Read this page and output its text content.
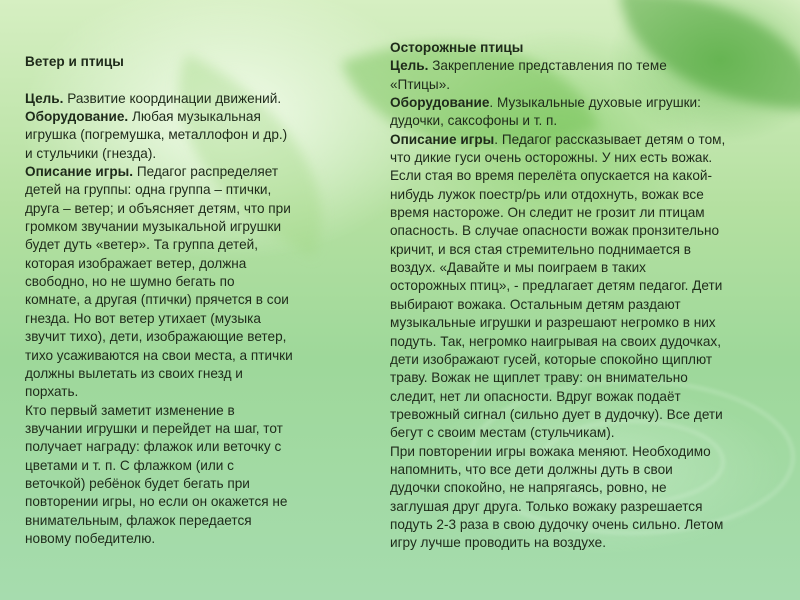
Ветер и птицы
Цель. Развитие координации движений.
Оборудование. Любая музыкальная
игрушка (погремушка, металлофон и др.)
и стульчики (гнезда).
Описание игры. Педагог распределяет
детей на группы: одна группа – птички,
друга – ветер; и объясняет детям, что при
громком звучании музыкальной игрушки
будет дуть «ветер». Та группа детей,
которая изображает ветер, должна
свободно, но не шумно бегать по
комнате, а другая (птички) прячется в сои
гнезда. Но вот ветер утихает (музыка
звучит тихо), дети, изображающие ветер,
тихо усаживаются на свои места, а птички
должны вылетать из своих гнезд и
порхать.
Кто первый заметит изменение в
звучании игрушки и перейдет на шаг, тот
получает награду: флажок или веточку с
цветами и т. п. С флажком (или с
веточкой) ребёнок будет бегать при
повторении игры, но если он окажется не
внимательным, флажок передается
новому победителю.
Осторожные птицы
Цель. Закрепление представления по теме
«Птицы».
Оборудование. Музыкальные духовые игрушки:
дудочки, саксофоны и т. п.
Описание игры. Педагог рассказывает детям о том,
что дикие гуси очень осторожны. У них есть вожак.
Если стая во время перелёта опускается на какой-
нибудь лужок поестр/рь или отдохнуть, вожак все
время настороже. Он следит не грозит ли птицам
опасность. В случае опасности вожак пронзительно
кричит, и вся стая стремительно поднимается в
воздух. «Давайте и мы поиграем в таких
осторожных птиц», - предлагает детям педагог. Дети
выбирают вожака. Остальным детям раздают
музыкальные игрушки и разрешают негромко в них
подуть. Так, негромко наигрывая на своих дудочках,
дети изображают гусей, которые спокойно щиплют
траву. Вожак не щиплет траву: он внимательно
следит, нет ли опасности. Вдруг вожак подаёт
тревожный сигнал (сильно дует в дудочку). Все дети
бегут с своим местам (стульчикам).
При повторении игры вожака меняют. Необходимо
напомнить, что все дети должны дуть в свои
дудочки спокойно, не напрягаясь, ровно, не
заглушая друг друга. Только вожаку разрешается
подуть 2-3 раза в свою дудочку очень сильно. Летом
игру лучше проводить на воздухе.
